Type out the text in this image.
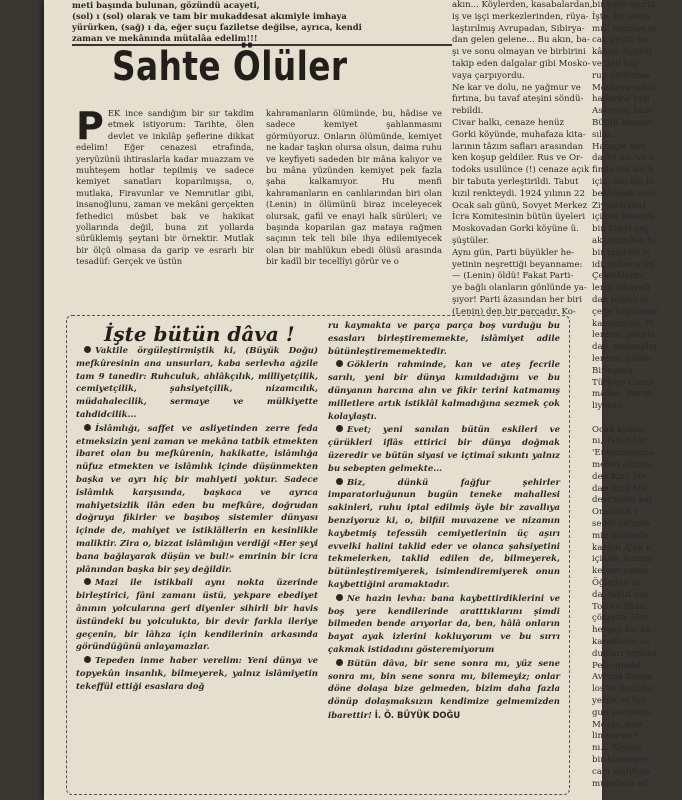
meti başında bulunan, gözündü acayeti,

(sol) ı (sol) olarak ve tam bir mukaddesat akımiyle imhaya

yürürken, (sağ) ı da, eğer suçu faziletse değilse, ayrıca, kendi

zaman ve mekânında mütalâa edelim!!!

Sahte Ölüler
P EK ince sandığım bir sır takdim etmek istiyorum: Tarihte, ölen devlet ve inkılâp şeflerine dikkat edelim! Eğer cenazesi etrafında, yeryüzünü ihtiraslarla kadar muazzam ve muhteşem hotlar tepilmiş ve sadece kemiyet sanatları koparılmışsa, o, mutlaka, Firavunlar ve Nemrutlar gibi, insanoğlunu, zaman ve mekâni gerçekten fethedici müsbet bak ve hakikat yollarında değil, buna zıt yollarda sürüklemiş şeytani bir örnektir. Mutlak bir ölçü olmasa da garip ve esrarlı bir tesadüf: Gerçek ve üstün
kahramanların ölümünde, bu, hâdise ve sadece kemiyet şahlanmasını görmüyoruz. Onların ölümünde, kemiyet ne kadar taşkın olursa olsun, daima ruhu ve keyfiyeti sadeden bir mâna kalıyor ve bu mâna yüzünden kemiyet pek fazla şaha kalkamıyor. Hu menfi kahramanların en canlılarından biri olan (Lenin) in ölümünü biraz inceleyecek olursak, gafil ve enayi halk sürüleri; ve başında koparılan gaz mataya rağmen saçının tek teli bile ihya edilemiyecek olan bir mahlükun ebedi ölüsü arasında bir kadîl bir tecellîyi görür ve o

akın... Köylerden, kasabalardan,

iş ve işçi merkezlerinden, rüya-

laştırılmış Avrupadan, Sibirya-

dan gelen gelene... Bu akın, ba-

şı ve sonu olmayan ve birbirini

takip eden dalgalar gibi Mosko-

vaya çarpıyordu.

Ne kar ve dolu, ne yağmur ve

fırtına, bu tavaf ateşini söndü-

rebildi.

Civar halkı, cenaze henüz

Gorki köyünde, muhafaza kita-

larının tâzım safları arasından

ken koşup geldiler. Rus ve Or-

todoks usulünce (!) cenaze açık

bir tabuta yerleştirildi. Tabut

kızıl renkteydi. 1924 yılının 22

Ocak salı günü, Sovyet Merkez

İcra Komitesinin bütün üyeleri

Moskovadan Gorki köyüne ü.

şüştüler.

Aynı gün, Parti büyükler he-

yetinin neşrettiği beyanname:

— (Lenin) öldü! Fakat Parti-

ye bağlı olanların gönlünde ya-

şıyor! Parti âzasından her biri

(Lenin) den bir parçadır. Ko-

bir yere oturta

İşte, bu sama

mış, bundan sc

cak geçti, bu

kânsız ziyaret

ve deli kay

rup dinlenme

Moskova sokal

hallerine razı

Askerler, kadı

Bütün binalar,

sıldı...

Haraçet den

da 30 du. Ve h

finda tek bir h

için, bir, üç, bı

beklemek zoru

Ziyaretçileri

içinde hesapla

bin kişiyi geç

akşamından bı

bir müddet iç

idi, aylarca ön

Çelenklerin,

lerin nihayeti

dan büyük ol

çeğe boğulmay

kalmamıştı. Fı

lerden, şehirle

dan, mektepler

lerden, bütün

Birleşmiş

Türkiye Cumh

madan, Parist

liyordu.

Ocak ayının

nı, Tabut bir

'Enternasyona

meleri altında

den Kızıl Me

dan Kızıl Me

devrinden kal

Oracıkta, (

seddi önünde

min üzerinde

kazıldı .Çok h

içinde, kazma

kelime yardı:

Öğleden so

da, tabut bur

Top ve düdü

çökertti. Her

herşey, bir ke

karakterle sa

dukları yerlere

Petrogradd

Avrupa Rusya

los ve hudutsı

yerde ve her

gun vaziyette

Mezar, dain

lin saysın?

nı... Sayısız

bir kimyager

cam mahfaza

muhafaza ed

İşte bütün dâva !

Vaktile örgüleştirmiştik ki, (Büyük Doğu) mefkûresinin ana unsurları, kaba serlevha ağzile tam 9 tanedir: Ruhculuk, ahlâkçılık, milliyetçilik, cemiyetçilik, şahsiyetçilik, nizamcılık, müdahalecilik, sermaye ve mülkiyette tahdidcilik...

İslâmlığı, saffet ve asliyetinden zerre feda etmeksizin yeni zaman ve mekâna tatbik etmekten ibaret olan bu mefkûrenin, hakikatte, islâmlığa nüfuz etmekten ve islâmlık içinde düşünmekten başka ve ayrı hiç bir mahiyeti yoktur. Sadece islâmlık karşısında, başkaca ve ayrıca mahiyetsizlik ilân eden bu mefkûre, doğrudan doğruya fikirler ve başıboş sistemler dünyası içinde de, mahiyet ve istiklâllerin en kesinlikle maliktir. Zira o, bizzat islâmlığın verdiği «Her şeyi bana bağlayarak düşün ve bul!» emrinin bir icra plânından başka bir şey değildir.

Mazi ile istikbali aynı nokta üzerinde birleştirici, fâni zamanı üstü, yekpare ebediyet ânının yolcularına geri diyenler sihirli bir havis üstündeki bu yolculukta, bir devir farkla ileriye geçenin, bir lâhza için kendilerinin arkasında göründüğünü anlayamazlar.

Tepeden inme haber verelim: Yeni dünya ve topyekûn insanlık, bilmeyerek, yalnız islâmiyetin tekeffül ettiği esaslara doğ

ru kaymakta ve parça parça boş vurduğu bu esasları birleştirememekte, islâmiyet adile bütünleştirememektedir.

Göklerin rahminde, kan ve ateş fecrile sarılı, yeni bir dünya kımıldadığını ve bu dünyanın harcına alın ve fikir terini katmamış milletlere artık istiklâl kalmadığına sezmek çok kolaylaştı.

Evet; yeni sanılan bütün eskileri ve çürükleri iflâs ettirici bir dünya doğmak üzeredir ve bütün siyasi ve içtimaî sıkıntı yalnız bu sebepten gelmekte...

Biz, dünkü fağfur şehirler imparatorluğunun bugün teneke mahallesi sakinleri, ruhu iptal edilmiş öyle bir zavallıya benziyoruz ki, o, bilfiil muvazene ve nizamın kaybetmiş tefessüh cemiyetlerinin üç aşırı evvelki halini taklid eder ve olanca şahsiyetini tekmelerken, taklid edilen de, bilmeyerek, bütünleştiremiyerek, isimlendiremiyerek onun kaybettiğini aramaktadır.

Ne hazin levha: bana kaybettirdiklerini ve boş yere kendilerinde aratttıklarını şimdi bilmeden bende arıyorlar da, ben, hâlâ onların bayat ayak izlerini kokluyorum ve bu sırrı çakmak istidadını gösteremiyorum

Bütün dâva, bir sene sonra mı, yüz sene sonra mı, bin sene sonra mı, bilemeyiz; onlar döne dolaşa bize gelmeden, bizim daha fazla dönüp dolaşmaksızın kendimize gelmemizden ibarettir! İ. Ö. BÜYÜK DOĞU
